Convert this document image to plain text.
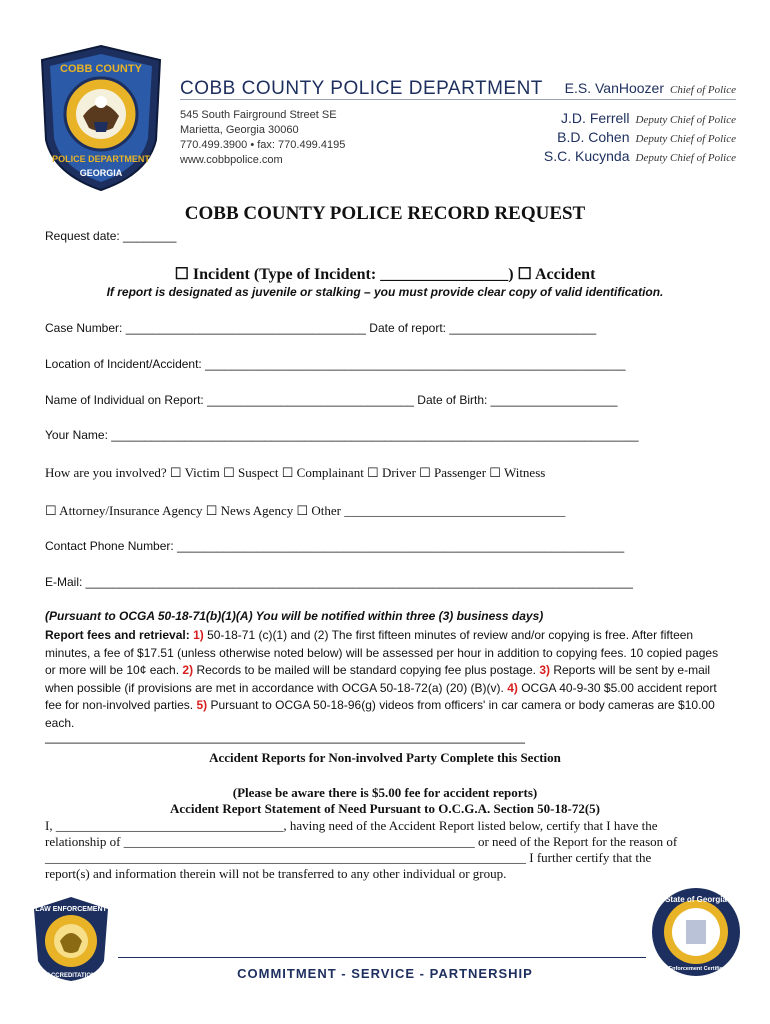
COBB COUNTY
POLICE DEPARTMENT
GEORGIA
COBB COUNTY POLICE DEPARTMENT
545 South Fairground Street SE
Marietta, Georgia 30060
770.499.3900 • fax: 770.499.4195
www.cobbpolice.com
E.S. VanHoozer Chief of Police
J.D. Ferrell Deputy Chief of Police
B.D. Cohen Deputy Chief of Police
S.C. Kucynda Deputy Chief of Police
COBB COUNTY POLICE RECORD REQUEST
Request date: ________
☐ Incident (Type of Incident: ________________) ☐ Accident
If report is designated as juvenile or stalking – you must provide clear copy of valid identification.
Case Number: ____________________________________ Date of report: ______________________
Location of Incident/Accident: _______________________________________________________________
Name of Individual on Report: _______________________________ Date of Birth: ___________________
Your Name: _______________________________________________________________________________
How are you involved? ☐ Victim ☐ Suspect ☐ Complainant ☐ Driver ☐ Passenger ☐ Witness
☐ Attorney/Insurance Agency ☐ News Agency ☐ Other __________________________________
Contact Phone Number: ___________________________________________________________________
E-Mail: __________________________________________________________________________________
(Pursuant to OCGA 50-18-71(b)(1)(A) You will be notified within three (3) business days)
Report fees and retrieval: 1) 50-18-71 (c)(1) and (2) The first fifteen minutes of review and/or copying is free. After fifteen minutes, a fee of $17.51 (unless otherwise noted below) will be assessed per hour in addition to copying fees. 10 copied pages or more will be 10¢ each. 2) Records to be mailed will be standard copying fee plus postage. 3) Reports will be sent by e-mail when possible (if provisions are met in accordance with OCGA 50-18-72(a) (20) (B)(v). 4) OCGA 40-9-30 $5.00 accident report fee for non-involved parties. 5) Pursuant to OCGA 50-18-96(g) videos from officers' in car camera or body cameras are $10.00 each.
________________________________________________________________________________
Accident Reports for Non-involved Party Complete this Section
(Please be aware there is $5.00 fee for accident reports)
Accident Report Statement of Need Pursuant to O.C.G.A. Section 50-18-72(5)
I, ___________________________________, having need of the Accident Report listed below, certify that I have the
relationship of ______________________________________________________ or need of the Report for the reason of
__________________________________________________________________________ I further certify that the
report(s) and information therein will not be transferred to any other individual or group.
LAW ENFORCEMENT
ACCREDITATION	COMMITMENT - SERVICE - PARTNERSHIP
State of Georgia
Law Enforcement Certification
